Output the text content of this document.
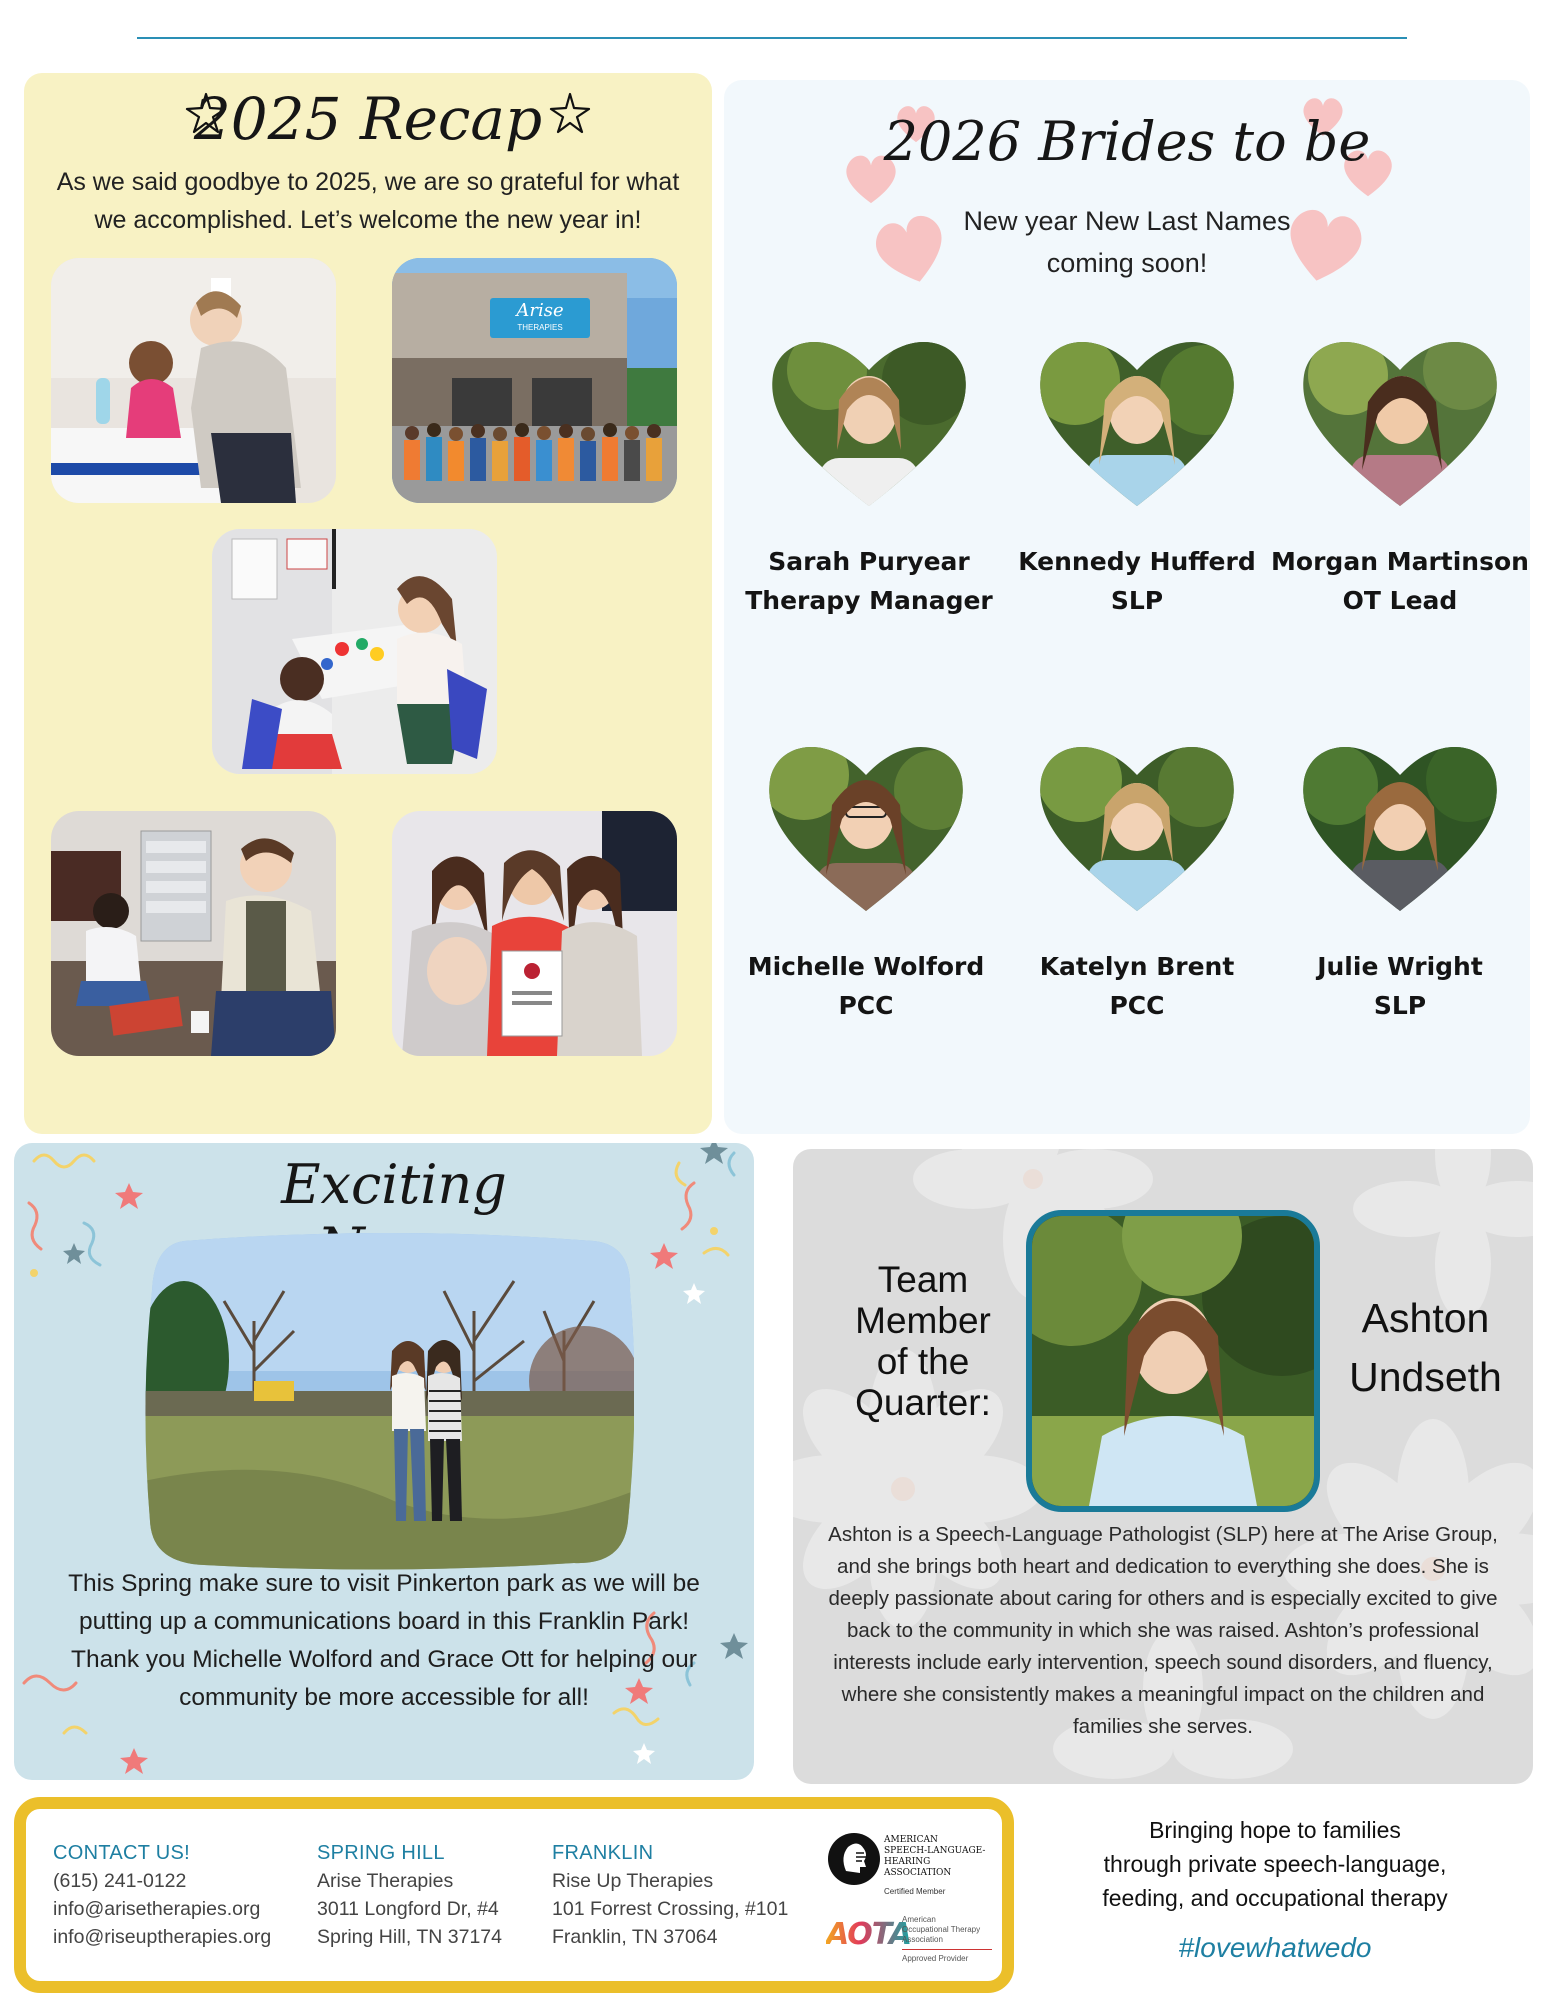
2025 Recap
As we said goodbye to 2025, we are so grateful for what we accomplished. Let’s welcome the new year in!
Arise
THERAPIES
2026 Brides to be
New year New Last Names
coming soon!
Sarah Puryear
Therapy Manager
Kennedy Hufferd
SLP
Morgan Martinson
OT Lead
Michelle Wolford
PCC
Katelyn Brent
PCC
Julie Wright
SLP
Exciting
This Spring make sure to visit Pinkerton park as we will be putting up a communications board in this Franklin Park! Thank you Michelle Wolford and Grace Ott for helping our community be more accessible for all!
Team
Member
of the
Quarter:
Ashton
Undseth
Ashton is a Speech-Language Pathologist (SLP) here at The Arise Group, and she brings both heart and dedication to everything she does. She is deeply passionate about caring for others and is especially excited to give back to the community in which she was raised. Ashton’s professional interests include early intervention, speech sound disorders, and fluency, where she consistently makes a meaningful impact on the children and families she serves.
CONTACT US!
(615) 241-0122
info@arisetherapies.org
info@riseuptherapies.org
SPRING HILL
Arise Therapies
3011 Longford Dr, #4
Spring Hill, TN 37174
FRANKLIN
Rise Up Therapies
101 Forrest Crossing, #101
Franklin, TN 37064
AMERICAN
SPEECH-LANGUAGE-
HEARING
ASSOCIATION
Certified Member
AOTA
American
Occupational Therapy
Association
Approved Provider
Bringing hope to families
through private speech-language,
feeding, and occupational therapy
#lovewhatwedo
